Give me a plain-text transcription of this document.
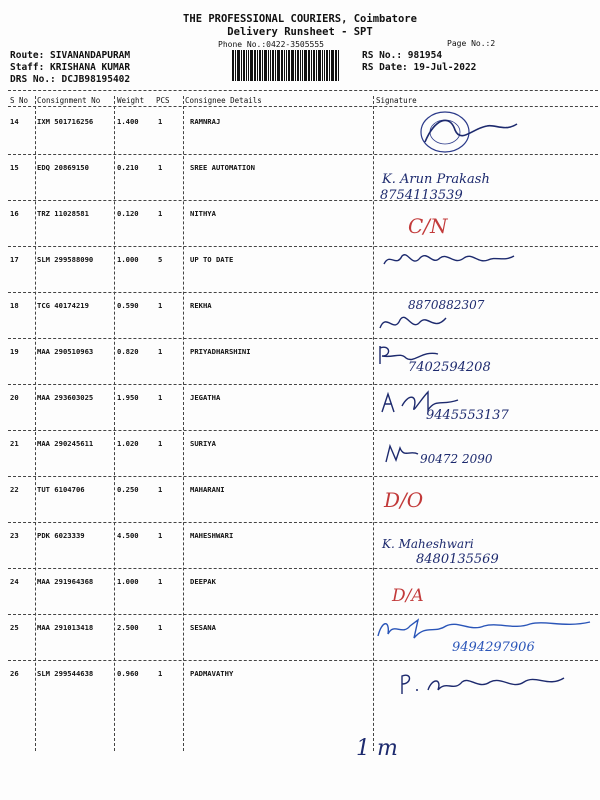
THE PROFESSIONAL COURIERS, Coimbatore
Delivery Runsheet - SPT
Phone No.:0422-3505555	Page No.:2
Route: SIVANANDAPURAM
Staff: KRISHANA KUMAR
DRS No.: DCJB98195402
RS No.: 981954
RS Date: 19-Jul-2022
S No Consignment No Weight PCS Consignee Details	Signature
14	IXM 501716256	1.400	1	RAMNRAJ
15	EDQ 20869150	0.210	1	SREE AUTOMATION
K. Arun Prakash
8754113539
16	TRZ 11028581	0.120	1	NITHYA
C/N
17	SLM 299588090	1.000	5	UP TO DATE
18	TCG 40174219	0.590	1	REKHA	8870882307
19	MAA 290510963	0.820	1	PRIYADHARSHINI
7402594208
20	MAA 293603025	1.950	1	JEGATHA
9445553137
21	MAA 290245611	1.020	1	SURIYA
90472 2090
22	TUT 6104706	0.250	1	MAHARANI	D/O
23	PDK 6023339	4.500	1	MAHESHWARI
K. Maheshwari
8480135569
24	MAA 291964368	1.000	1	DEEPAK
D/A
25	MAA 291013418	2.500	1	SESANA
9494297906
26	SLM 299544638	0.960	1	PADMAVATHY
1 m
